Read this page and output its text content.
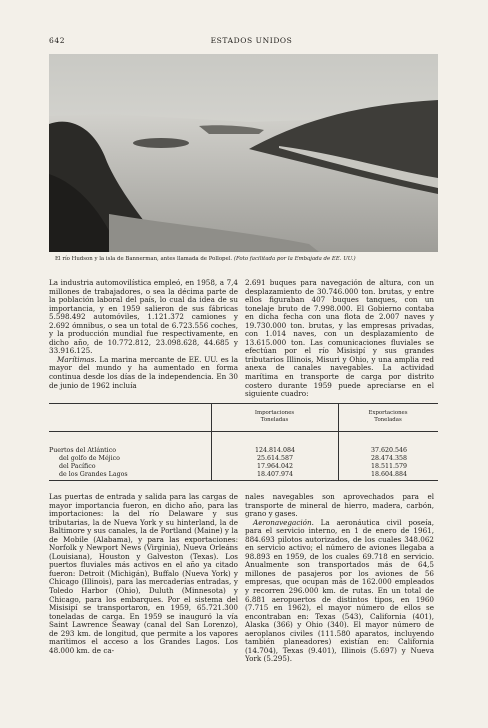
642	ESTADOS UNIDOS
El río Hudson y la isla de Bannerman, antes llamada de Pollopel. (Foto facilitada por la Embajada de EE. UU.)

La industria automovilística empleó, en 1958, a 7,4 millones de trabajadores, o sea la décima parte de la población laboral del país, lo cual da idea de su importancia, y en 1959 salieron de sus fábricas 5.598.492 automóviles, 1.121.372 camiones y 2.692 ómnibus, o sea un total de 6.723.556 coches, y la producción mundial fue respectivamente, en dicho año, de 10.772.812, 23.098.628, 44.685 y 33.916.125.

Marítimas. La marina mercante de EE. UU. es la mayor del mundo y ha aumentado en forma continua desde los días de la independencia. En 30 de junio de 1962 incluía

2.691 buques para navegación de altura, con un desplazamiento de 30.746.000 ton. brutas, y entre ellos figuraban 407 buques tanques, con un tonelaje bruto de 7.998.000. El Gobierno contaba en dicha fecha con una flota de 2.007 naves y 19.730.000 ton. brutas, y las empresas privadas, con 1.014 naves, con un desplazamiento de 13.615.000 ton. Las comunicaciones fluviales se efectúan por el río Misisipí y sus grandes tributarios Illinois, Misuri y Ohio, y una amplia red anexa de canales navegables. La actividad marítima en transporte de carga por distrito costero durante 1959 puede apreciarse en el siguiente cuadro:

Importaciones
Toneladas
Exportaciones
Toneladas
Puertos del Atlántico
del golfo de Méjico
del Pacífico
de los Grandes Lagos
124.814.084
25.614.587
17.964.042
18.407.974
37.620.546
28.474.358
18.511.579
18.604.884

Las puertas de entrada y salida para las cargas de mayor importancia fueron, en dicho año, para las importaciones: la del río Delaware y sus tributarias, la de Nueva York y su hinterland, la de Baltimore y sus canales, la de Portland (Maine) y la de Mobile (Alabama), y para las exportaciones: Norfolk y Newport News (Virginia), Nueva Orleáns (Louisiana), Houston y Galveston (Texas). Los puertos fluviales más activos en el año ya citado fueron: Detroit (Michigán), Buffalo (Nueva York) y Chicago (Illinois), para las mercaderías entradas, y Toledo Harbor (Ohio), Duluth (Minnesota) y Chicago, para los embarques. Por el sistema del Misisipí se transportaron, en 1959, 65.721.300 toneladas de carga. En 1959 se inauguró la vía Saint Lawrence Seaway (canal del San Lorenzo), de 293 km. de longitud, que permite a los vapores marítimos el acceso a los Grandes Lagos. Los 48.000 km. de ca-

nales navegables son aprovechados para el transporte de mineral de hierro, madera, carbón, grano y gases.

Aeronavegación. La aeronáutica civil poseía, para el servicio interno, en 1 de enero de 1961, 884.693 pilotos autorizados, de los cuales 348.062 en servicio activo; el número de aviones llegaba a 98.893 en 1959, de los cuales 69.718 en servicio. Anualmente son transportados más de 64,5 millones de pasajeros por los aviones de 56 empresas, que ocupan más de 162.000 empleados y recorren 296.000 km. de rutas. En un total de 6.881 aeropuertos de distintos tipos, en 1960 (7.715 en 1962), el mayor número de ellos se encontraban en: Texas (543), California (401), Alaska (366) y Ohio (340). El mayor número de aeroplanos civiles (111.580 aparatos, incluyendo también planeadores) existían en: California (14.704), Texas (9.401), Illinois (5.697) y Nueva York (5.295).
